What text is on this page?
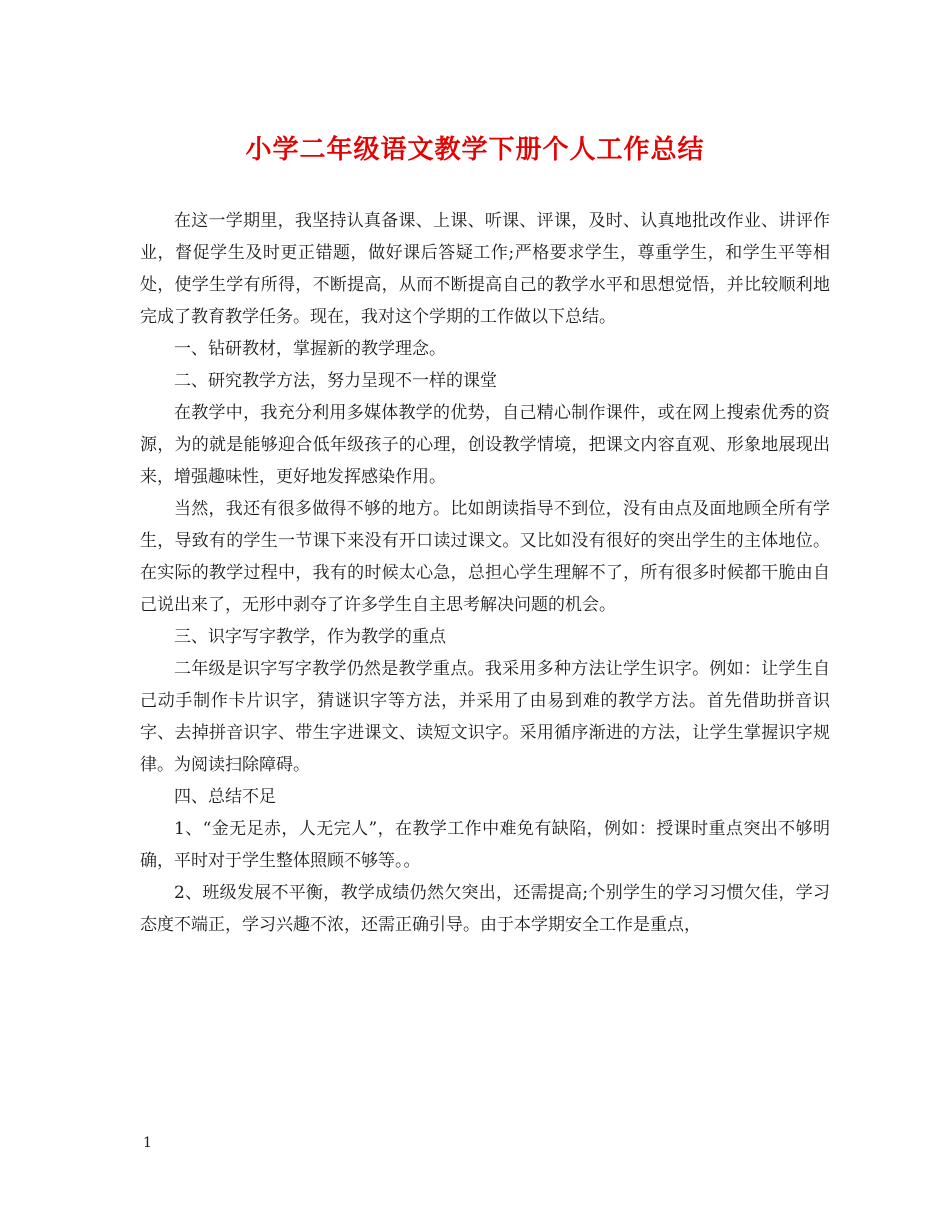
小学二年级语文教学下册个人工作总结

在这一学期里，我坚持认真备课、上课、听课、评课，及时、认真地批改作业、讲评作业，督促学生及时更正错题，做好课后答疑工作;严格要求学生，尊重学生，和学生平等相处，使学生学有所得，不断提高，从而不断提高自己的教学水平和思想觉悟，并比较顺利地完成了教育教学任务。现在，我对这个学期的工作做以下总结。

一、钻研教材，掌握新的教学理念。

二、研究教学方法，努力呈现不一样的课堂

在教学中，我充分利用多媒体教学的优势，自己精心制作课件，或在网上搜索优秀的资源，为的就是能够迎合低年级孩子的心理，创设教学情境，把课文内容直观、形象地展现出来，增强趣味性，更好地发挥感染作用。

当然，我还有很多做得不够的地方。比如朗读指导不到位，没有由点及面地顾全所有学生，导致有的学生一节课下来没有开口读过课文。又比如没有很好的突出学生的主体地位。在实际的教学过程中，我有的时候太心急，总担心学生理解不了，所有很多时候都干脆由自己说出来了，无形中剥夺了许多学生自主思考解决问题的机会。

三、识字写字教学，作为教学的重点

二年级是识字写字教学仍然是教学重点。我采用多种方法让学生识字。例如：让学生自己动手制作卡片识字，猜谜识字等方法，并采用了由易到难的教学方法。首先借助拼音识字、去掉拼音识字、带生字进课文、读短文识字。采用循序渐进的方法，让学生掌握识字规律。为阅读扫除障碍。

四、总结不足

1、“金无足赤，人无完人”，在教学工作中难免有缺陷，例如：授课时重点突出不够明确，平时对于学生整体照顾不够等。。

2、班级发展不平衡，教学成绩仍然欠突出，还需提高;个别学生的学习习惯欠佳，学习态度不端正，学习兴趣不浓，还需正确引导。由于本学期安全工作是重点，

1
